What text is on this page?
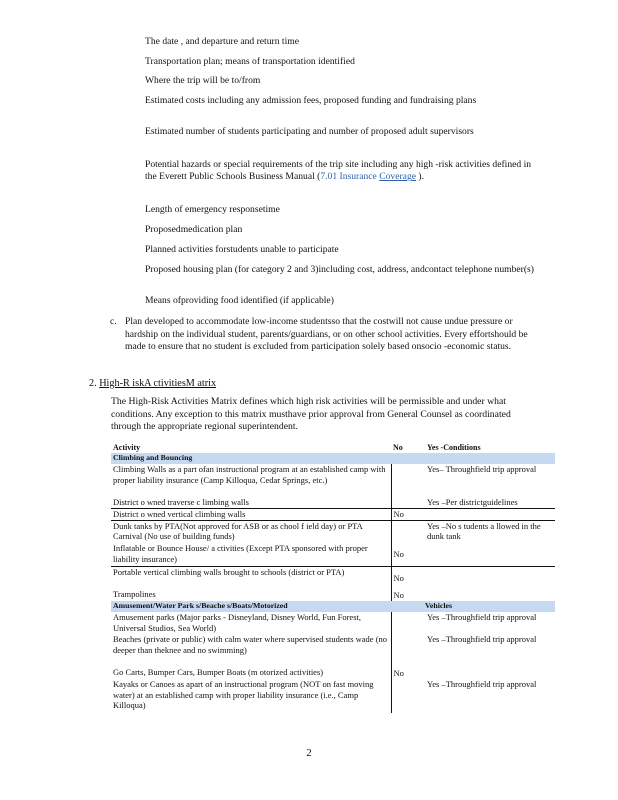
The date , and departure and return time
Transportation plan; means of transportation identified
Where the trip will be to/from
Estimated costs including any admission fees, proposed funding and fundraising plans
Estimated number of students participating and number of proposed adult supervisors
Potential hazards or special requirements of the trip site including any high -risk activities defined in the Everett Public Schools Business Manual (7.01 Insurance Coverage ).
Length of emergency responsetime
Proposedmedication plan
Planned activities forstudents unable to participate
Proposed housing plan (for category 2 and 3)including cost, address, andcontact telephone number(s)
Means ofproviding food identified (if applicable)
c. Plan developed to accommodate low-income studentsso that the costwill not cause undue pressure or hardship on the individual student, parents/guardians, or on other school activities. Every effortshould be made to ensure that no student is excluded from participation solely based onsocio -economic status.
2. High-R iskA ctivitiesM atrix
The High-Risk Activities Matrix defines which high risk activities will be permissible and under what conditions. Any exception to this matrix musthave prior approval from General Counsel as coordinated through the appropriate regional superintendent.
Activity	No	Yes -Conditions
Climbing and Bouncing		
Climbing Walls as a part ofan instructional program at an established camp with proper liability insurance (Camp Killoqua, Cedar Springs, etc.)		Yes– Throughfield trip approval
District o wned traverse c limbing walls		Yes –Per districtguidelines
District o wned vertical climbing walls	No	
Dunk tanks by PTA(Not approved for ASB or as chool f ield day) or PTA Carnival (No use of building funds)		Yes –No s tudents a llowed in the dunk tank
Inflatable or Bounce House/ a ctivities (Except PTA sponsored with proper liability insurance)	No	
Portable vertical climbing walls brought to schools (district or PTA)	No	
Trampolines	No	
Amusement/Water Park s/Beache s/Boats/Motorized		Vehicles
Amusement parks (Major parks - Disneyland, Disney World, Fun Forest, Universal Studios, Sea World)		Yes –Throughfield trip approval
Beaches (private or public) with calm water where supervised students wade (no deeper than theknee and no swimming)		Yes –Throughfield trip approval
Go Carts, Bumper Cars, Bumper Boats (m otorized activities)	No	
Kayaks or Canoes as apart of an instructional program (NOT on fast moving water) at an established camp with proper liability insurance (i.e., Camp Killoqua)		Yes –Throughfield trip approval
2
